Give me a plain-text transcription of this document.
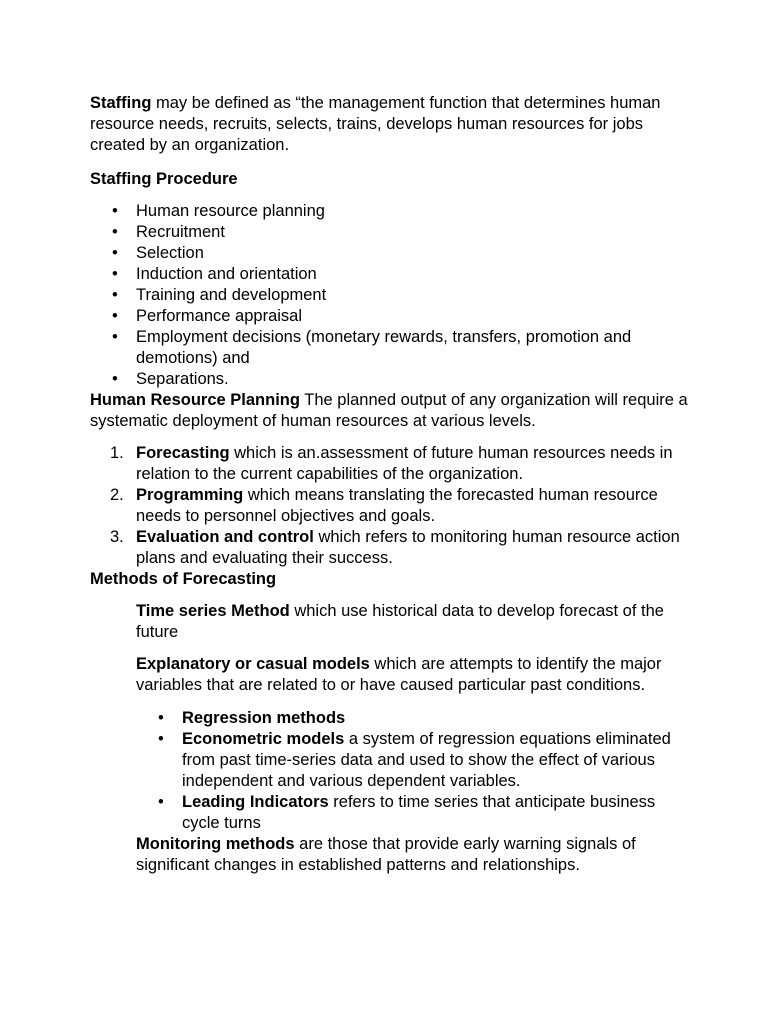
Staffing may be defined as “the management function that determines human resource needs, recruits, selects, trains, develops human resources for jobs created by an organization.

Staffing Procedure

• Human resource planning
• Recruitment
• Selection
• Induction and orientation
• Training and development
• Performance appraisal
• Employment decisions (monetary rewards, transfers, promotion and demotions) and
• Separations.

Human Resource Planning The planned output of any organization will require a systematic deployment of human resources at various levels.

1. Forecasting which is an.assessment of future human resources needs in relation to the current capabilities of the organization.
2. Programming which means translating the forecasted human resource needs to personnel objectives and goals.
3. Evaluation and control which refers to monitoring human resource action plans and evaluating their success.

Methods of Forecasting

Time series Method which use historical data to develop forecast of the future

Explanatory or casual models which are attempts to identify the major variables that are related to or have caused particular past conditions.

• Regression methods
• Econometric models a system of regression equations eliminated from past time-series data and used to show the effect of various independent and various dependent variables.
• Leading Indicators refers to time series that anticipate business cycle turns

Monitoring methods are those that provide early warning signals of significant changes in established patterns and relationships.
